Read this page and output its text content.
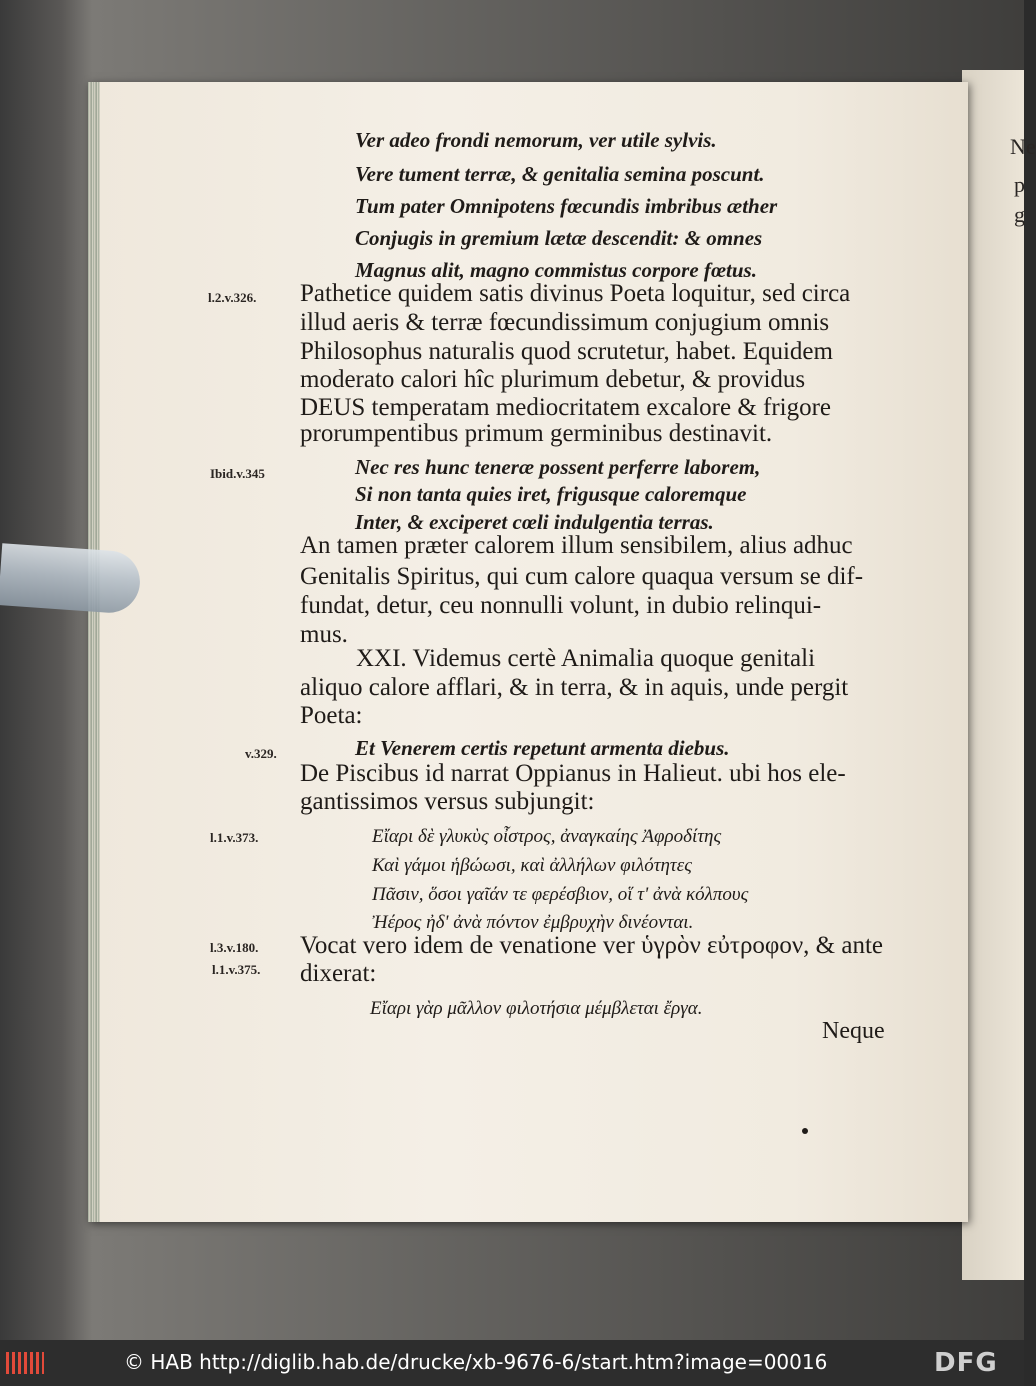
Ver adeo frondi nemorum, ver utile sylvis.
Vere tument terræ, & genitalia semina poscunt.
Tum pater Omnipotens fœcundis imbribus æther
Conjugis in gremium lætæ descendit: & omnes
Magnus alit, magno commistus corpore fœtus.
Pathetice quidem satis divinus Poeta loquitur, sed circa
illud aeris & terræ fœcundissimum conjugium omnis
Philosophus naturalis quod scrutetur, habet. Equidem
moderato calori hîc plurimum debetur, & providus
DEUS temperatam mediocritatem excalore & frigore
prorumpentibus primum germinibus destinavit.
Nec res hunc teneræ possent perferre laborem,
Si non tanta quies iret, frigusque caloremque
Inter, & exciperet cœli indulgentia terras.
An tamen præter calorem illum sensibilem, alius adhuc
Genitalis Spiritus, qui cum calore quaqua versum se dif-
fundat, detur, ceu nonnulli volunt, in dubio relinqui-
mus.
XXI. Videmus certè Animalia quoque genitali
aliquo calore afflari, & in terra, & in aquis, unde pergit
Poeta:
Et Venerem certis repetunt armenta diebus.
De Piscibus id narrat Oppianus in Halieut. ubi hos ele-
gantissimos versus subjungit:
Εἴαρι δὲ γλυκὺς οἶστρος, ἀναγκαίης Ἀφροδίτης
Καὶ γάμοι ἡβώωσι, καὶ ἀλλήλων φιλότητες
Πᾶσιν, ὅσοι γαῖάν τε φερέσβιον, οἵ τ' ἀνὰ κόλπους
Ἠέρος ἠδ' ἀνὰ πόντον ἐμβρυχὴν δινέονται.
Vocat vero idem de venatione ver ὑγρὸν εὐτροφον, & ante
dixerat:
Εἴαρι γὰρ μᾶλλον φιλοτήσια μέμβλεται ἔργα.
Neque
l.2.v.326.
Ibid.v.345
v.329.
l.1.v.373.
l.3.v.180.
l.1.v.375.
Ne
p
g
© HAB http://diglib.hab.de/drucke/xb-9676-6/start.htm?image=00016	DFG
